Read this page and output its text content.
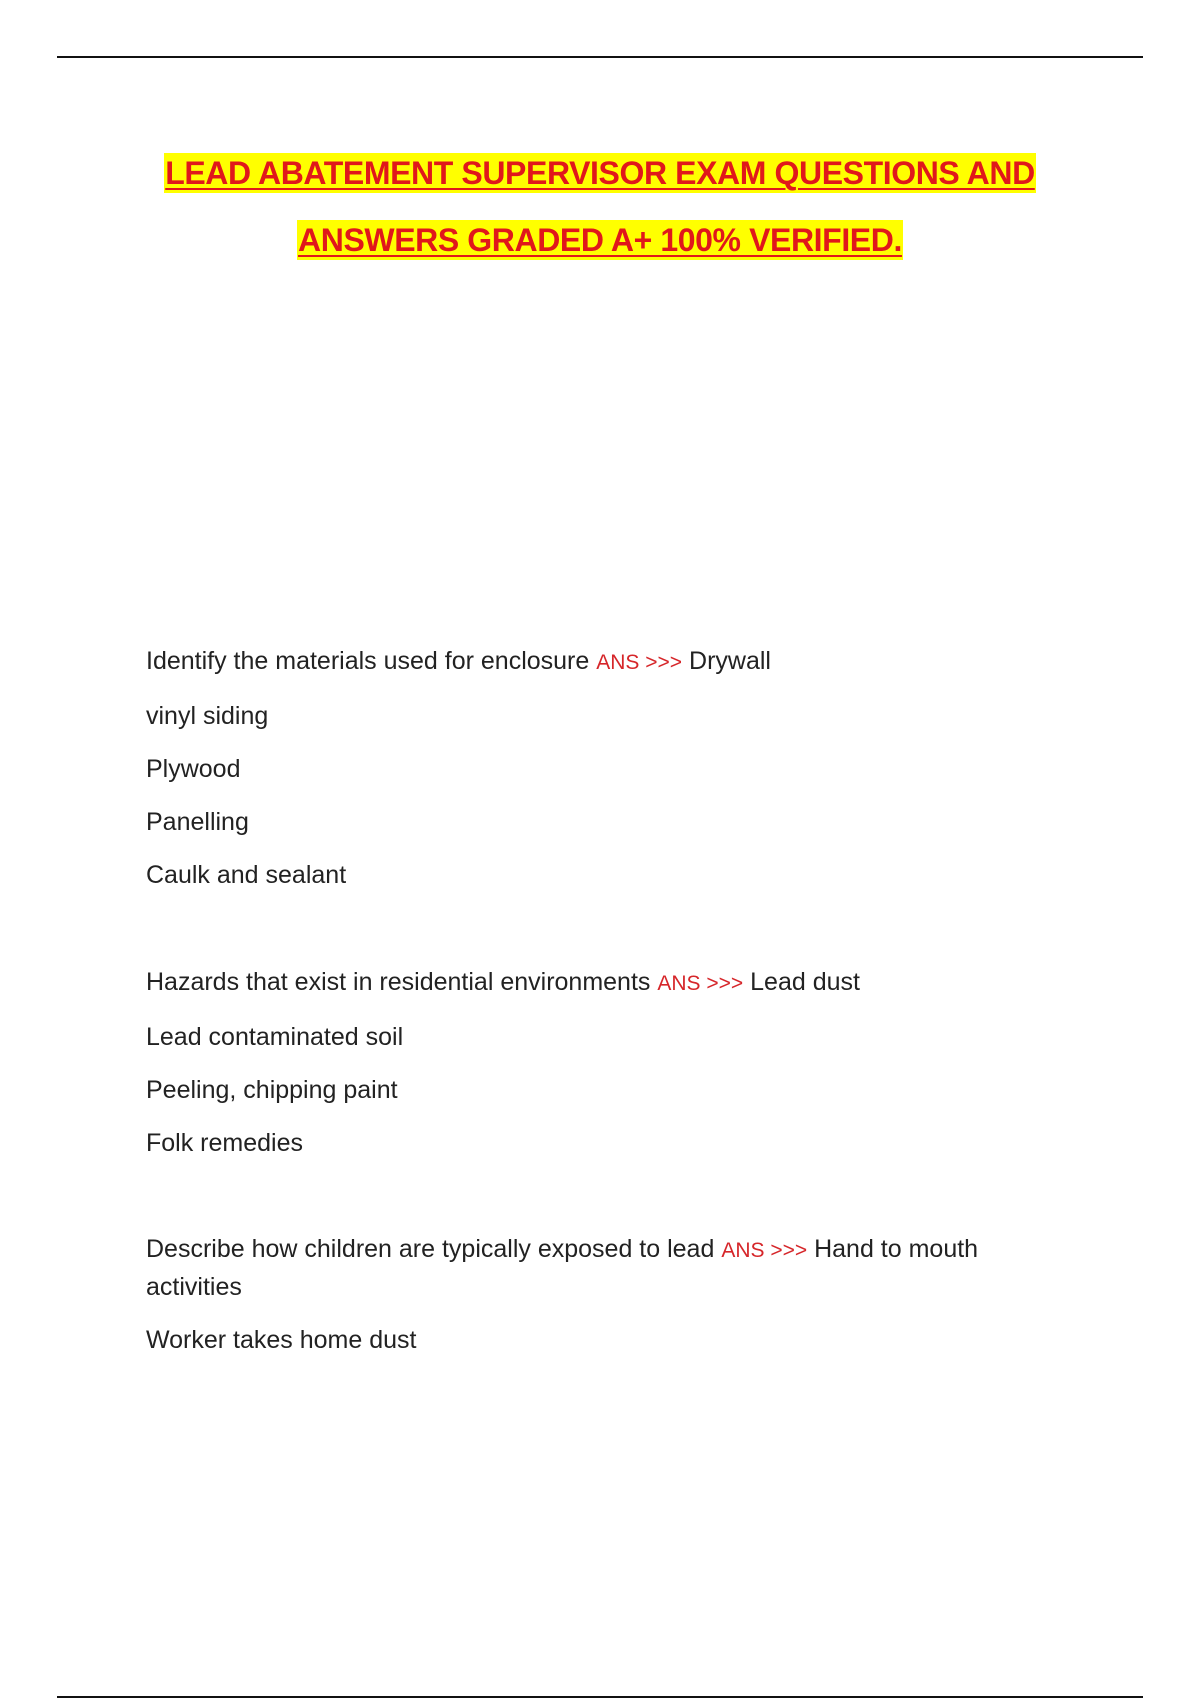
LEAD ABATEMENT SUPERVISOR EXAM QUESTIONS AND
ANSWERS GRADED A+ 100% VERIFIED.
Identify the materials used for enclosure ANS >>> Drywall
vinyl siding
Plywood
Panelling
Caulk and sealant
Hazards that exist in residential environments ANS >>> Lead dust
Lead contaminated soil
Peeling, chipping paint
Folk remedies
Describe how children are typically exposed to lead ANS >>> Hand to mouth activities
Worker takes home dust
